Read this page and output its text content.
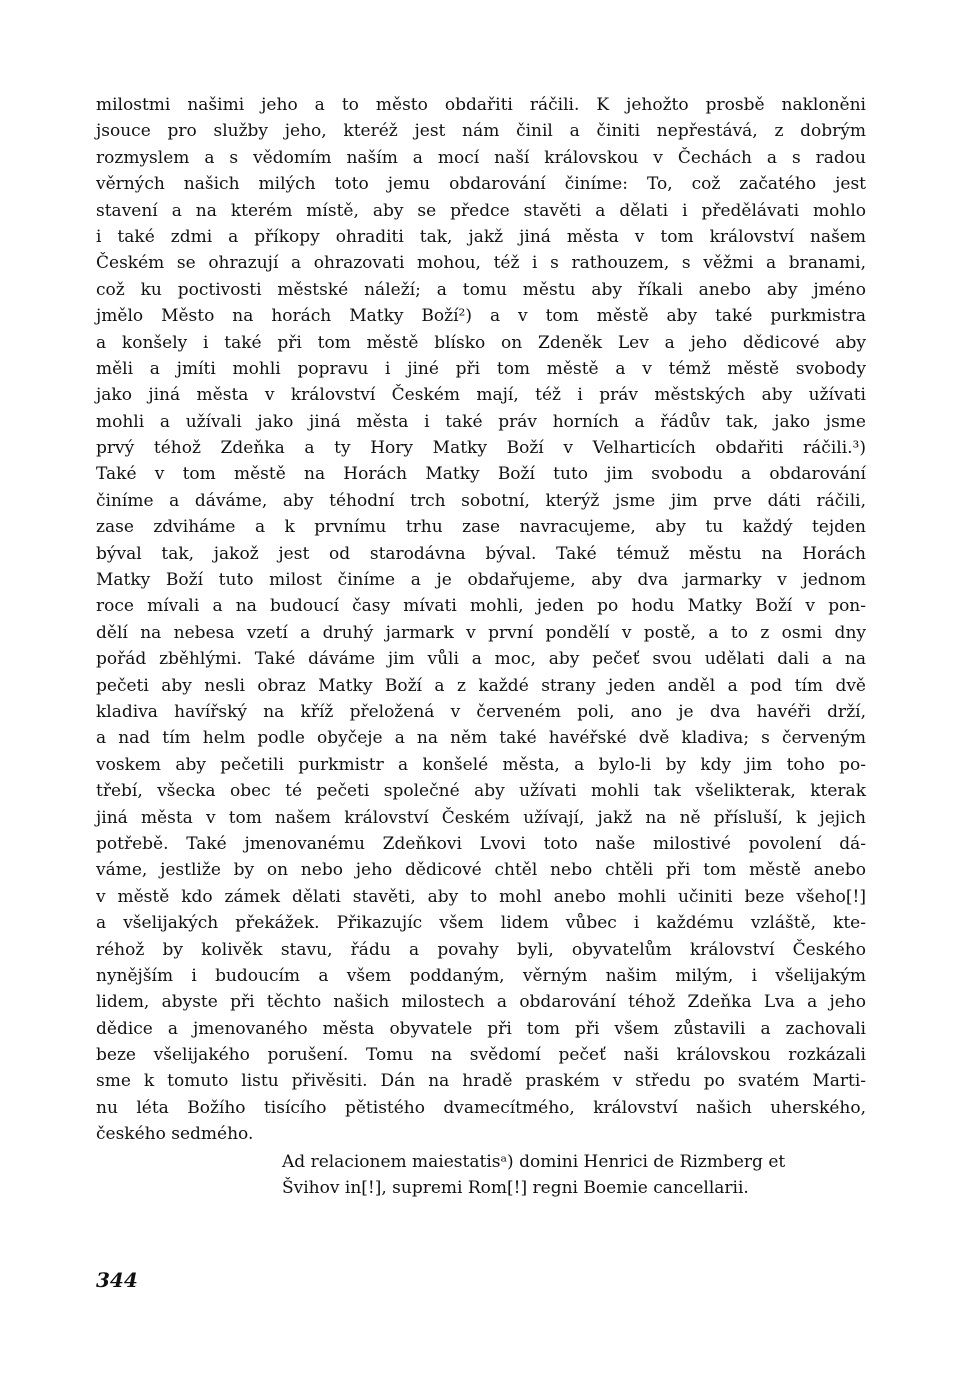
milostmi našimi jeho a to město obdařiti ráčili. K jehožto prosbě nakloněni
jsouce pro služby jeho, kteréž jest nám činil a činiti nepřestává, z dobrým
rozmyslem a s vědomím naším a mocí naší královskou v Čechách a s radou
věrných našich milých toto jemu obdarování činíme: To, což začatého jest
stavení a na kterém místě, aby se předce stavěti a dělati i předělávati mohlo
i také zdmi a příkopy ohraditi tak, jakž jiná města v tom království našem
Českém se ohrazují a ohrazovati mohou, též i s rathouzem, s věžmi a branami,
což ku poctivosti městské náleží; a tomu městu aby říkali anebo aby jméno
jmělo Město na horách Matky Boží²) a v tom městě aby také purkmistra
a konšely i také při tom městě blísko on Zdeněk Lev a jeho dědicové aby
měli a jmíti mohli popravu i jiné při tom městě a v témž městě svobody
jako jiná města v království Českém mají, též i práv městských aby užívati
mohli a užívali jako jiná města i také práv horních a řádův tak, jako jsme
prvý téhož Zdeňka a ty Hory Matky Boží v Velharticích obdařiti ráčili.³)
Také v tom městě na Horách Matky Boží tuto jim svobodu a obdarování
činíme a dáváme, aby téhodní trch sobotní, kterýž jsme jim prve dáti ráčili,
zase zdviháme a k prvnímu trhu zase navracujeme, aby tu každý tejden
býval tak, jakož jest od starodávna býval. Také témuž městu na Horách
Matky Boží tuto milost činíme a je obdařujeme, aby dva jarmarky v jednom
roce mívali a na budoucí časy mívati mohli, jeden po hodu Matky Boží v pon-
dělí na nebesa vzetí a druhý jarmark v první pondělí v postě, a to z osmi dny
pořád zběhlými. Také dáváme jim vůli a moc, aby pečeť svou udělati dali a na
pečeti aby nesli obraz Matky Boží a z každé strany jeden anděl a pod tím dvě
kladiva havířský na kříž přeložená v červeném poli, ano je dva havéři drží,
a nad tím helm podle obyčeje a na něm také havéřské dvě kladiva; s červeným
voskem aby pečetili purkmistr a konšelé města, a bylo-li by kdy jim toho po-
třebí, všecka obec té pečeti společné aby užívati mohli tak všelikterak, kterak
jiná města v tom našem království Českém užívají, jakž na ně přísluší, k jejich
potřebě. Také jmenovanému Zdeňkovi Lvovi toto naše milostivé povolení dá-
váme, jestliže by on nebo jeho dědicové chtěl nebo chtěli při tom městě anebo
v městě kdo zámek dělati stavěti, aby to mohl anebo mohli učiniti beze všeho[!]
a všelijakých překážek. Přikazujíc všem lidem vůbec i každému vzláště, kte-
réhož by kolivěk stavu, řádu a povahy byli, obyvatelům království Českého
nynějším i budoucím a všem poddaným, věrným našim milým, i všelijakým
lidem, abyste při těchto našich milostech a obdarování téhož Zdeňka Lva a jeho
dědice a jmenovaného města obyvatele při tom při všem zůstavili a zachovali
beze všelijakého porušení. Tomu na svědomí pečeť naši královskou rozkázali
sme k tomuto listu přivěsiti. Dán na hradě praském v středu po svatém Marti-
nu léta Božího tisícího pětistého dvamecítmého, království našich uherského,
českého sedmého.
Ad relacionem maiestatisᵃ) domini Henrici de Rizmberg et
Švihov in[!], supremi Rom[!] regni Boemie cancellarii.
344
